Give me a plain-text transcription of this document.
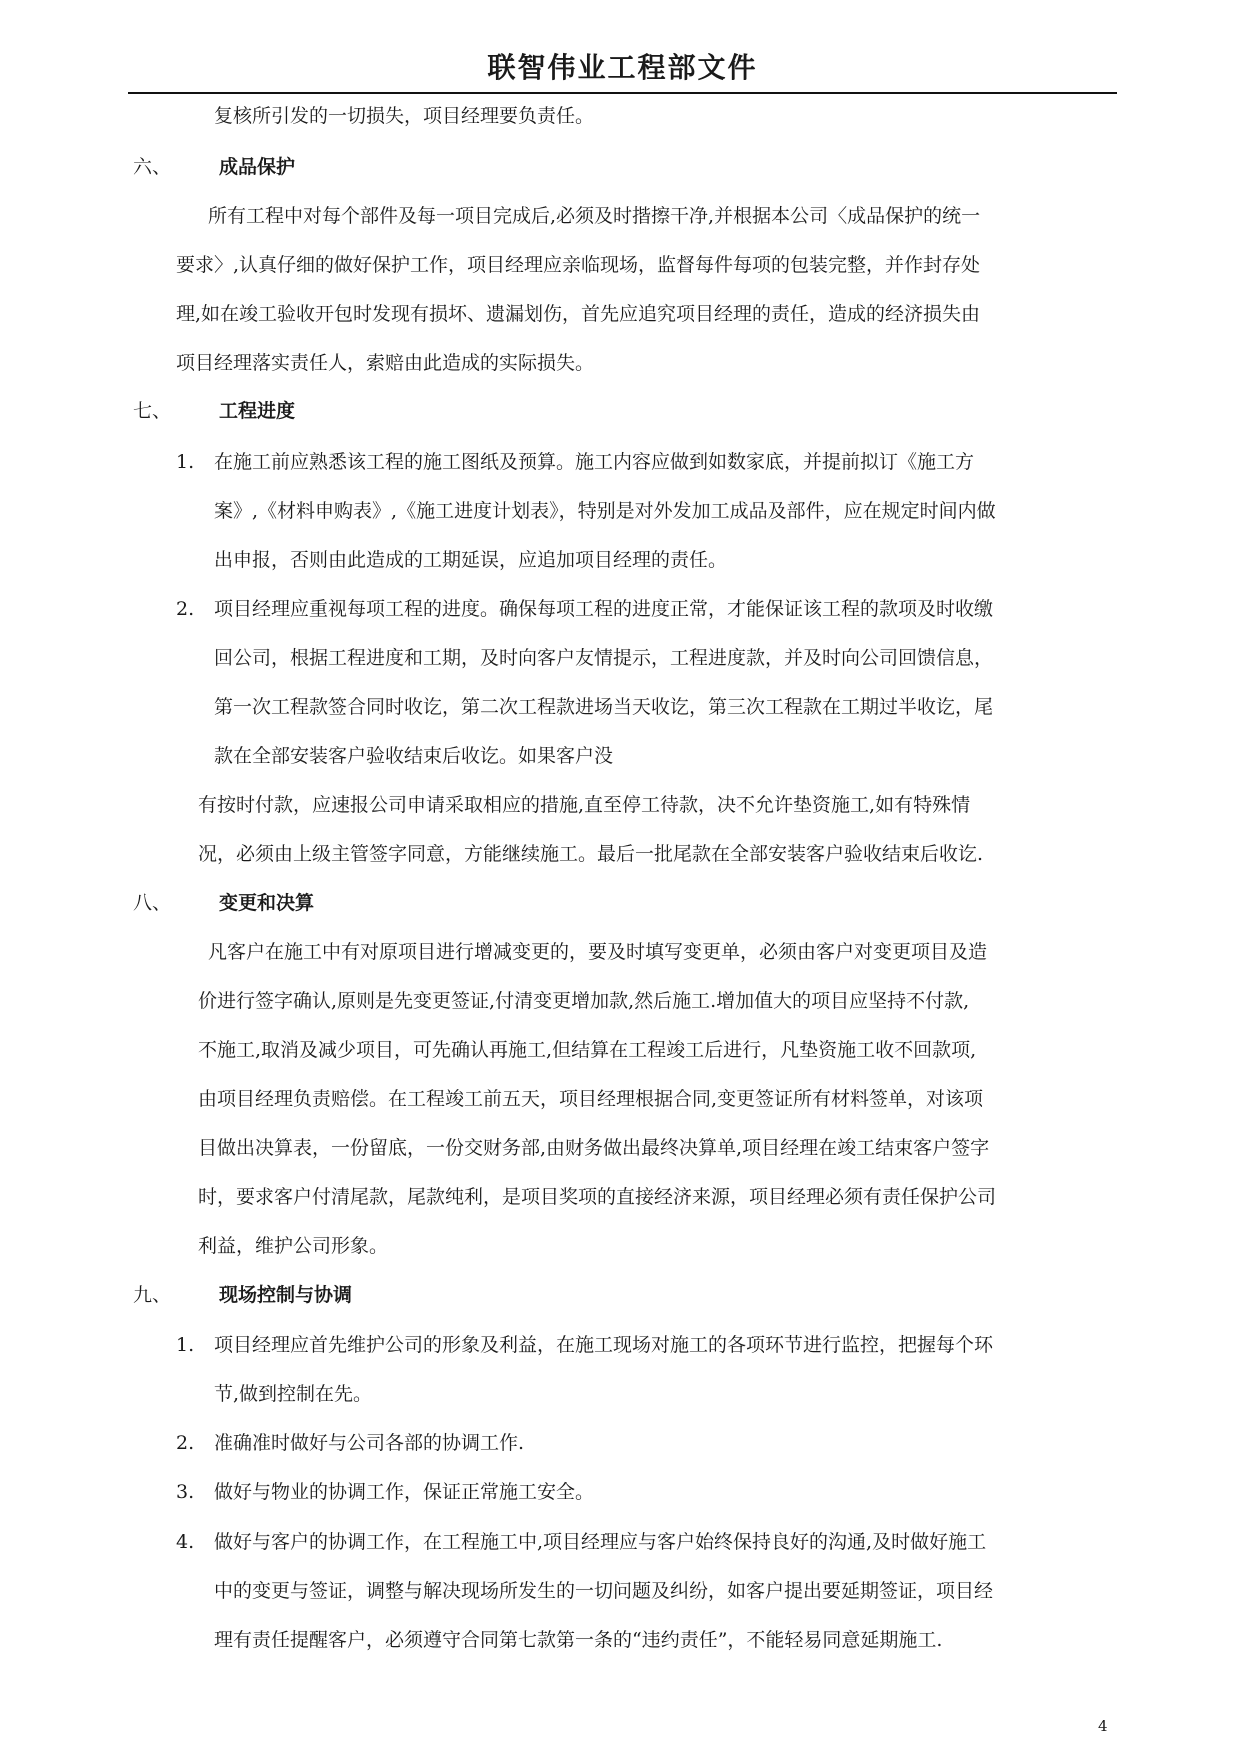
联智伟业工程部文件
复核所引发的一切损失，项目经理要负责任。
六、	成品保护
所有工程中对每个部件及每一项目完成后,必须及时揩擦干净,并根据本公司〈成品保护的统一
要求〉,认真仔细的做好保护工作，项目经理应亲临现场，监督每件每项的包装完整，并作封存处
理,如在竣工验收开包时发现有损坏、遗漏划伤，首先应追究项目经理的责任，造成的经济损失由
项目经理落实责任人，索赔由此造成的实际损失。
七、	工程进度
1. 在施工前应熟悉该工程的施工图纸及预算。施工内容应做到如数家底，并提前拟订《施工方
案》,《材料申购表》,《施工进度计划表》，特别是对外发加工成品及部件，应在规定时间内做
出申报，否则由此造成的工期延误，应追加项目经理的责任。
2. 项目经理应重视每项工程的进度。确保每项工程的进度正常，才能保证该工程的款项及时收缴
回公司，根据工程进度和工期，及时向客户友情提示，工程进度款，并及时向公司回馈信息，
第一次工程款签合同时收讫，第二次工程款进场当天收讫，第三次工程款在工期过半收讫，尾
款在全部安装客户验收结束后收讫。如果客户没
有按时付款，应速报公司申请采取相应的措施,直至停工待款，决不允许垫资施工,如有特殊情
况，必须由上级主管签字同意，方能继续施工。最后一批尾款在全部安装客户验收结束后收讫.
八、	变更和决算
凡客户在施工中有对原项目进行增减变更的，要及时填写变更单，必须由客户对变更项目及造
价进行签字确认,原则是先变更签证,付清变更增加款,然后施工.增加值大的项目应坚持不付款,
不施工,取消及减少项目，可先确认再施工,但结算在工程竣工后进行，凡垫资施工收不回款项,
由项目经理负责赔偿。在工程竣工前五天，项目经理根据合同,变更签证所有材料签单，对该项
目做出决算表，一份留底，一份交财务部,由财务做出最终决算单,项目经理在竣工结束客户签字
时，要求客户付清尾款，尾款纯利，是项目奖项的直接经济来源，项目经理必须有责任保护公司
利益，维护公司形象。
九、	现场控制与协调
1. 项目经理应首先维护公司的形象及利益，在施工现场对施工的各项环节进行监控，把握每个环
节,做到控制在先。
2. 准确准时做好与公司各部的协调工作.
3. 做好与物业的协调工作，保证正常施工安全。
4. 做好与客户的协调工作，在工程施工中,项目经理应与客户始终保持良好的沟通,及时做好施工
中的变更与签证，调整与解决现场所发生的一切问题及纠纷，如客户提出要延期签证，项目经
理有责任提醒客户，必须遵守合同第七款第一条的“违约责任”，不能轻易同意延期施工.
4
